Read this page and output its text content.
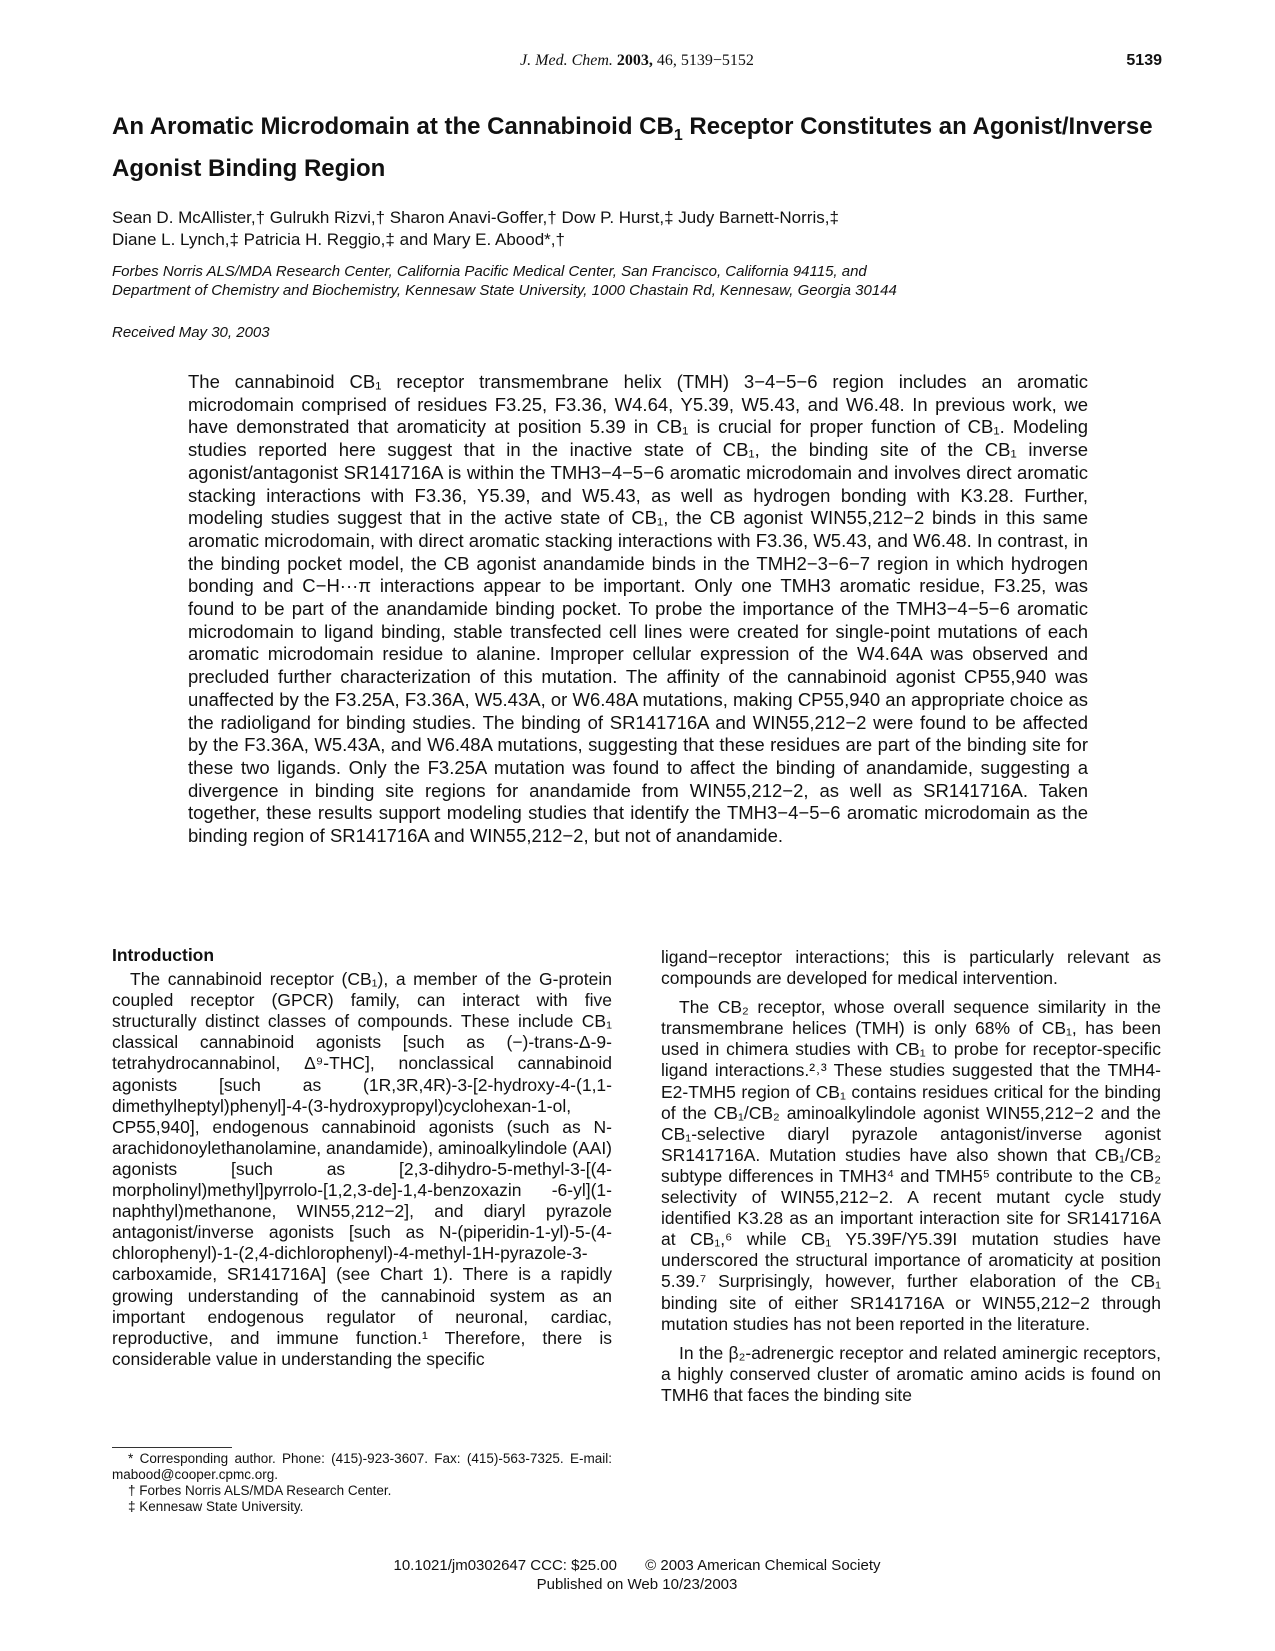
J. Med. Chem. 2003, 46, 5139−5152	5139
An Aromatic Microdomain at the Cannabinoid $CB_1$ Receptor Constitutes an Agonist/Inverse Agonist Binding Region
Sean D. McAllister,† Gulrukh Rizvi,† Sharon Anavi-Goffer,† Dow P. Hurst,‡ Judy Barnett-Norris,‡
Diane L. Lynch,‡ Patricia H. Reggio,‡ and Mary E. Abood*,†
Forbes Norris ALS/MDA Research Center, California Pacific Medical Center, San Francisco, California 94115, and
Department of Chemistry and Biochemistry, Kennesaw State University, 1000 Chastain Rd, Kennesaw, Georgia 30144
Received May 30, 2003

The cannabinoid CB₁ receptor transmembrane helix (TMH) 3−4−5−6 region includes an aromatic microdomain comprised of residues F3.25, F3.36, W4.64, Y5.39, W5.43, and W6.48. In previous work, we have demonstrated that aromaticity at position 5.39 in CB₁ is crucial for proper function of CB₁. Modeling studies reported here suggest that in the inactive state of CB₁, the binding site of the CB₁ inverse agonist/antagonist SR141716A is within the TMH3−4−5−6 aromatic microdomain and involves direct aromatic stacking interactions with F3.36, Y5.39, and W5.43, as well as hydrogen bonding with K3.28. Further, modeling studies suggest that in the active state of CB₁, the CB agonist WIN55,212−2 binds in this same aromatic microdomain, with direct aromatic stacking interactions with F3.36, W5.43, and W6.48. In contrast, in the binding pocket model, the CB agonist anandamide binds in the TMH2−3−6−7 region in which hydrogen bonding and C−H···π interactions appear to be important. Only one TMH3 aromatic residue, F3.25, was found to be part of the anandamide binding pocket. To probe the importance of the TMH3−4−5−6 aromatic microdomain to ligand binding, stable transfected cell lines were created for single-point mutations of each aromatic microdomain residue to alanine. Improper cellular expression of the W4.64A was observed and precluded further characterization of this mutation. The affinity of the cannabinoid agonist CP55,940 was unaffected by the F3.25A, F3.36A, W5.43A, or W6.48A mutations, making CP55,940 an appropriate choice as the radioligand for binding studies. The binding of SR141716A and WIN55,212−2 were found to be affected by the F3.36A, W5.43A, and W6.48A mutations, suggesting that these residues are part of the binding site for these two ligands. Only the F3.25A mutation was found to affect the binding of anandamide, suggesting a divergence in binding site regions for anandamide from WIN55,212−2, as well as SR141716A. Taken together, these results support modeling studies that identify the TMH3−4−5−6 aromatic microdomain as the binding region of SR141716A and WIN55,212−2, but not of anandamide.

Introduction

The cannabinoid receptor (CB₁), a member of the G-protein coupled receptor (GPCR) family, can interact with five structurally distinct classes of compounds. These include CB₁ classical cannabinoid agonists [such as (−)-trans-Δ-9-tetrahydrocannabinol, Δ⁹-THC], nonclassical cannabinoid agonists [such as (1R,3R,4R)-3-[2-hydroxy-4-(1,1-dimethylheptyl)phenyl]-4-(3-hydroxypropyl)cyclohexan-1-ol, CP55,940], endogenous cannabinoid agonists (such as N-arachidonoylethanolamine, anandamide), aminoalkylindole (AAI) agonists [such as [2,3-dihydro-5-methyl-3-[(4-morpholinyl)methyl]pyrrolo-[1,2,3-de]-1,4-benzoxazin -6-yl](1-naphthyl)methanone, WIN55,212−2], and diaryl pyrazole antagonist/inverse agonists [such as N-(piperidin-1-yl)-5-(4-chlorophenyl)-1-(2,4-dichlorophenyl)-4-methyl-1H-pyrazole-3-carboxamide, SR141716A] (see Chart 1). There is a rapidly growing understanding of the cannabinoid system as an important endogenous regulator of neuronal, cardiac, reproductive, and immune function.¹ Therefore, there is considerable value in understanding the specific

ligand−receptor interactions; this is particularly relevant as compounds are developed for medical intervention.

The CB₂ receptor, whose overall sequence similarity in the transmembrane helices (TMH) is only 68% of CB₁, has been used in chimera studies with CB₁ to probe for receptor-specific ligand interactions.²˒³ These studies suggested that the TMH4-E2-TMH5 region of CB₁ contains residues critical for the binding of the CB₁/CB₂ aminoalkylindole agonist WIN55,212−2 and the CB₁-selective diaryl pyrazole antagonist/inverse agonist SR141716A. Mutation studies have also shown that CB₁/CB₂ subtype differences in TMH3⁴ and TMH5⁵ contribute to the CB₂ selectivity of WIN55,212−2. A recent mutant cycle study identified K3.28 as an important interaction site for SR141716A at CB₁,⁶ while CB₁ Y5.39F/Y5.39I mutation studies have underscored the structural importance of aromaticity at position 5.39.⁷ Surprisingly, however, further elaboration of the CB₁ binding site of either SR141716A or WIN55,212−2 through mutation studies has not been reported in the literature.

In the β₂-adrenergic receptor and related aminergic receptors, a highly conserved cluster of aromatic amino acids is found on TMH6 that faces the binding site

* Corresponding author. Phone: (415)-923-3607. Fax: (415)-563-7325. E-mail: mabood@cooper.cpmc.org.
† Forbes Norris ALS/MDA Research Center.
‡ Kennesaw State University.
10.1021/jm0302647 CCC: $25.00 © 2003 American Chemical Society
Published on Web 10/23/2003
